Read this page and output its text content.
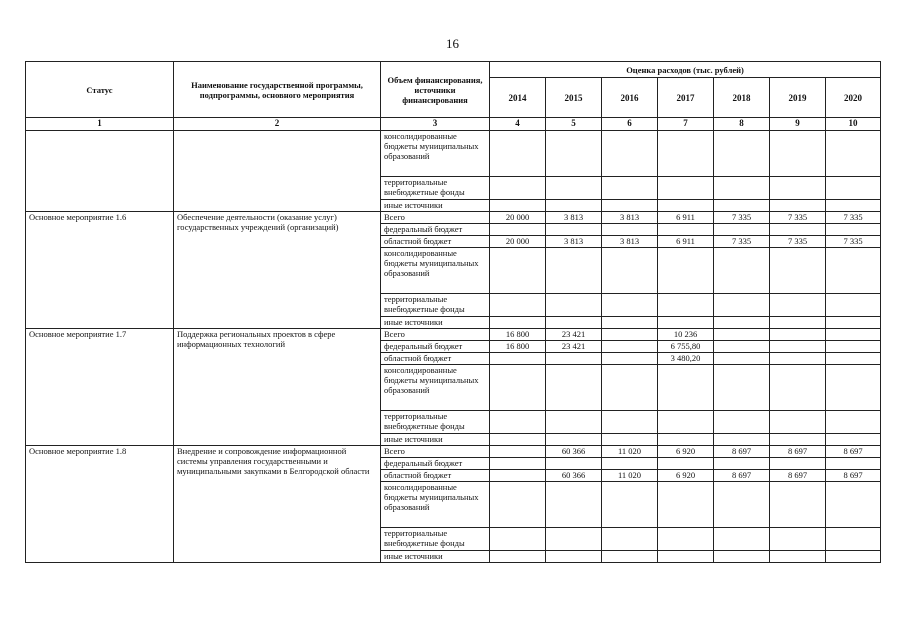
16
Статус	Наименование государственной программы, подпрограммы, основного мероприятия	Объем финансирования, источники финансирования	Оценка расходов (тыс. рублей)						
			2014	2015	2016	2017	2018	2019	2020
1	2	3	4	5	6	7	8	9	10
		консолидированные бюджеты муниципальных образований							
		территориальные внебюджетные фонды							
		иные источники							
Основное мероприятие 1.6	Обеспечение деятельности (оказание услуг) государственных учреждений (организаций)	Всего	20 000	3 813	3 813	6 911	7 335	7 335	7 335
		федеральный бюджет							
		областной бюджет	20 000	3 813	3 813	6 911	7 335	7 335	7 335
		консолидированные бюджеты муниципальных образований							
		территориальные внебюджетные фонды							
		иные источники							
Основное мероприятие 1.7	Поддержка региональных проектов в сфере информационных технологий	Всего	16 800	23 421		10 236			
		федеральный бюджет	16 800	23 421		6 755,80			
		областной бюджет				3 480,20			
		консолидированные бюджеты муниципальных образований							
		территориальные внебюджетные фонды							
		иные источники							
Основное мероприятие 1.8	Внедрение и сопровождение информационной системы управления государственными и муниципальными закупками в Белгородской области	Всего		60 366	11 020	6 920	8 697	8 697	8 697
		федеральный бюджет							
		областной бюджет		60 366	11 020	6 920	8 697	8 697	8 697
		консолидированные бюджеты муниципальных образований							
		территориальные внебюджетные фонды							
		иные источники							
